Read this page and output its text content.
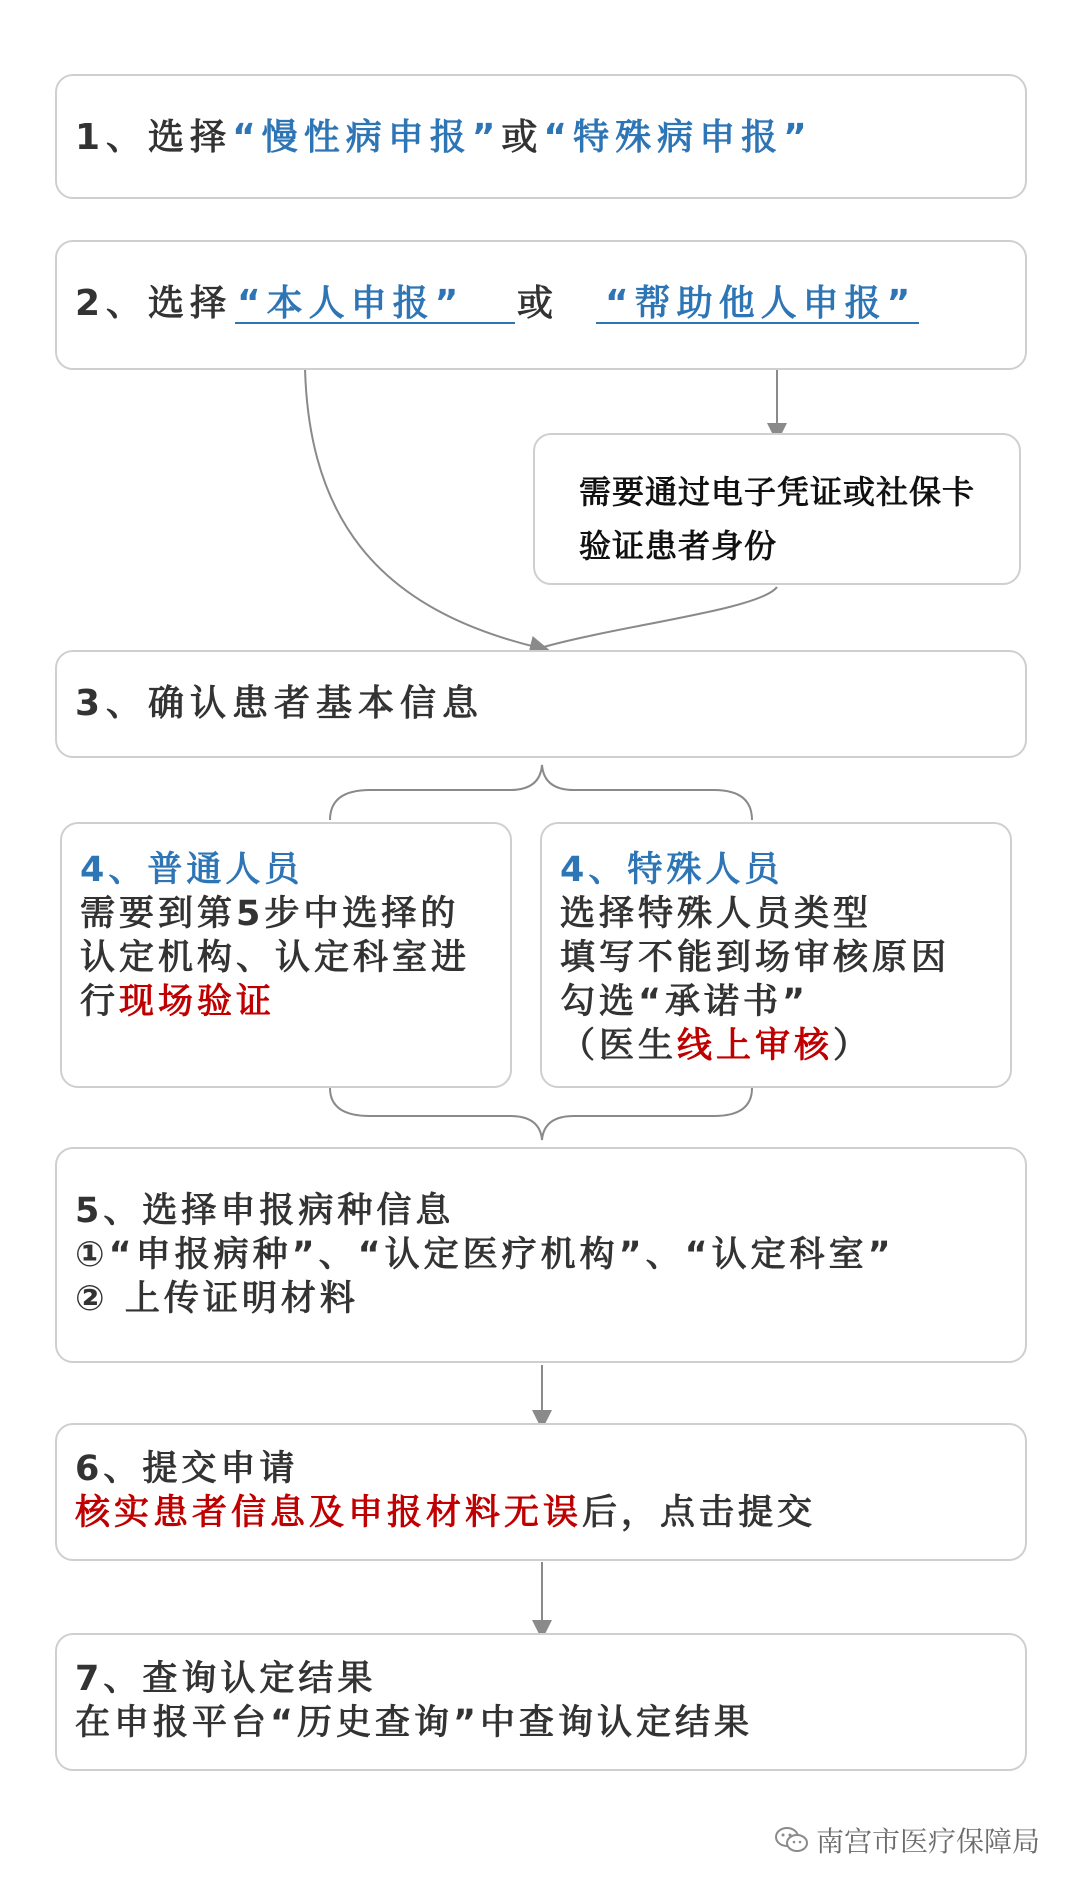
1、选择“慢性病申报”或“特殊病申报”
2、选择 “本人申报” 或 “帮助他人申报”
需要通过电子凭证或社保卡
验证患者身份
3、确认患者基本信息
4、普通人员
需要到第5步中选择的
认定机构、认定科室进
行现场验证
4、特殊人员
选择特殊人员类型
填写不能到场审核原因
勾选“承诺书”
（医生线上审核）
5、选择申报病种信息
①“申报病种”、“认定医疗机构”、“认定科室”
② 上传证明材料
6、提交申请
核实患者信息及申报材料无误后，点击提交
7、查询认定结果
在申报平台“历史查询”中查询认定结果
南宫市医疗保障局
